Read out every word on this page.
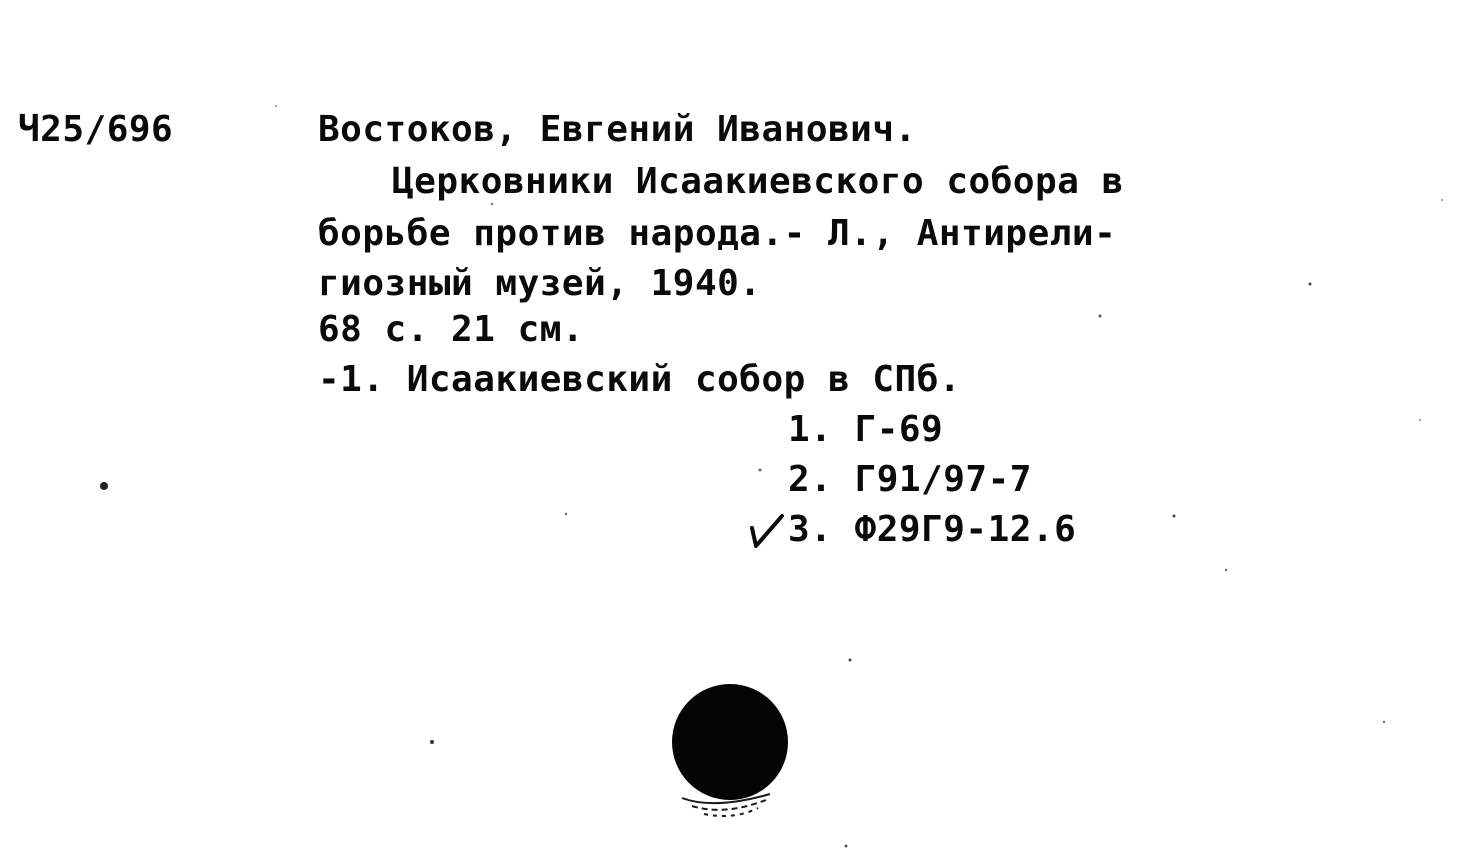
Ч25/696	Востоков, Евгений Иванович.
Церковники Исаакиевского собора в
борьбе против народа.- Л., Антирели-
гиозный музей, 1940.
68 с. 21 см.
-1. Исаакиевский собор в СПб.
1. Г-69
2. Г91/97-7
3. Ф29Г9-12.6
